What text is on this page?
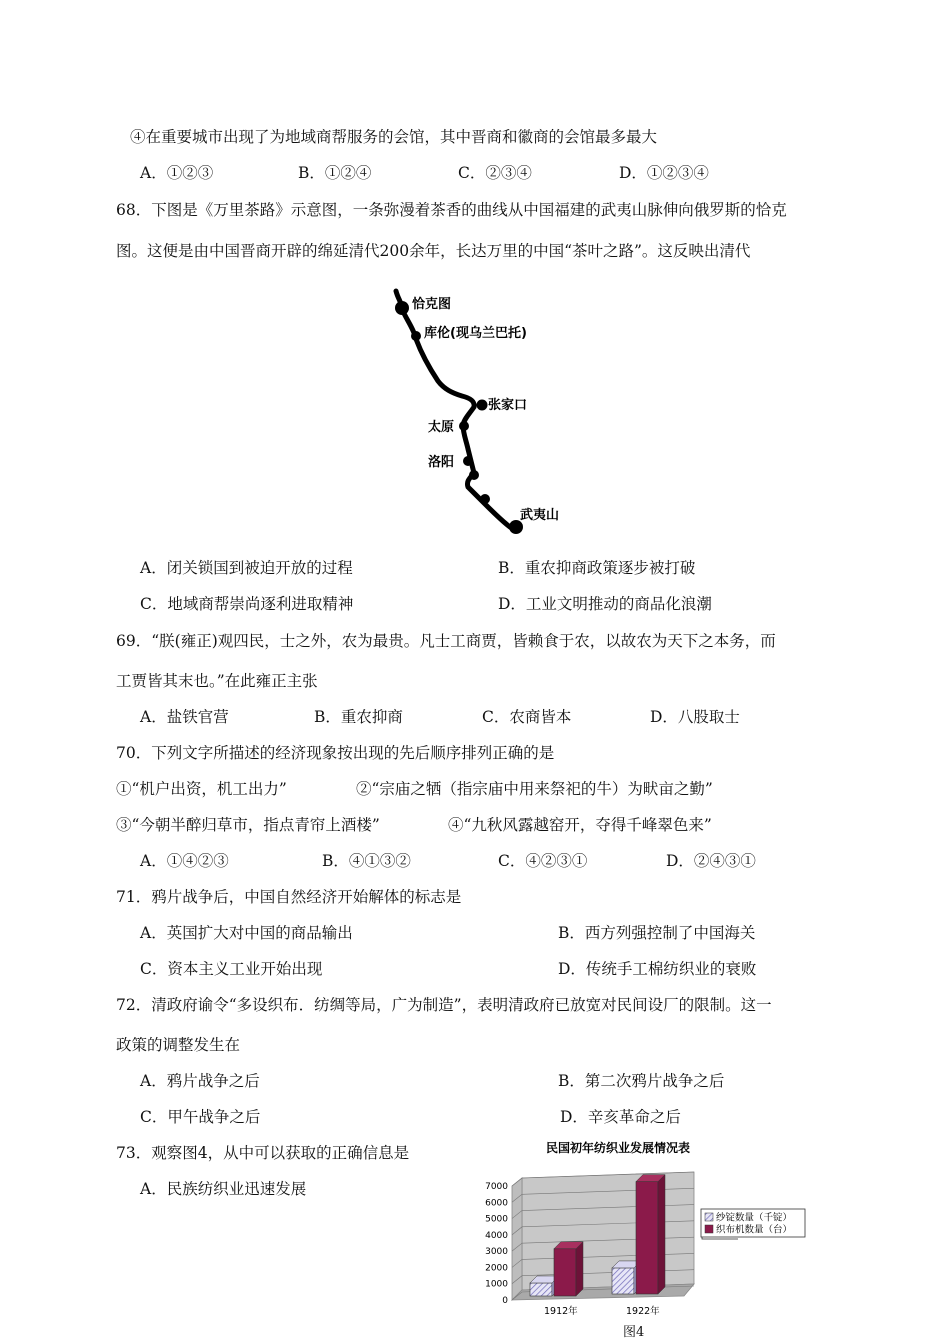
④在重要城市出现了为地域商帮服务的会馆，其中晋商和徽商的会馆最多最大
A．①②③	B．①②④	C．②③④	D．①②③④
68．下图是《万里茶路》示意图，一条弥漫着茶香的曲线从中国福建的武夷山脉伸向俄罗斯的恰克
图。这便是由中国晋商开辟的绵延清代200余年，长达万里的中国“茶叶之路”。这反映出清代
恰克图
库伦(现乌兰巴托)
张家口
太原
洛阳
武夷山
A．闭关锁国到被迫开放的过程	B．重农抑商政策逐步被打破
C．地域商帮崇尚逐利进取精神	D．工业文明推动的商品化浪潮
69．“朕(雍正)观四民，士之外，农为最贵。凡士工商贾，皆赖食于农，以故农为天下之本务，而
工贾皆其末也。”在此雍正主张
A．盐铁官营	B．重农抑商	C．农商皆本	D．八股取士
70．下列文字所描述的经济现象按出现的先后顺序排列正确的是
①“机户出资，机工出力”	②“宗庙之牺（指宗庙中用来祭祀的牛）为畎亩之勤”
③“今朝半醉归草市，指点青帘上酒楼”	④“九秋风露越窑开，夺得千峰翠色来”
A．①④②③	B．④①③②	C．④②③①	D．②④③①
71．鸦片战争后，中国自然经济开始解体的标志是
A．英国扩大对中国的商品输出	B．西方列强控制了中国海关
C．资本主义工业开始出现	D．传统手工棉纺织业的衰败
72．清政府谕令“多设织布．纺绸等局，广为制造”，表明清政府已放宽对民间设厂的限制。这一
政策的调整发生在
A．鸦片战争之后	B．第二次鸦片战争之后
C．甲午战争之后	D．辛亥革命之后
73．观察图4，从中可以获取的正确信息是
A．民族纺织业迅速发展
民国初年纺织业发展情况表
0
1000
2000
3000
4000
5000
6000
7000
1912年	1922年
纱锭数量（千锭）
织布机数量（台）
图4
